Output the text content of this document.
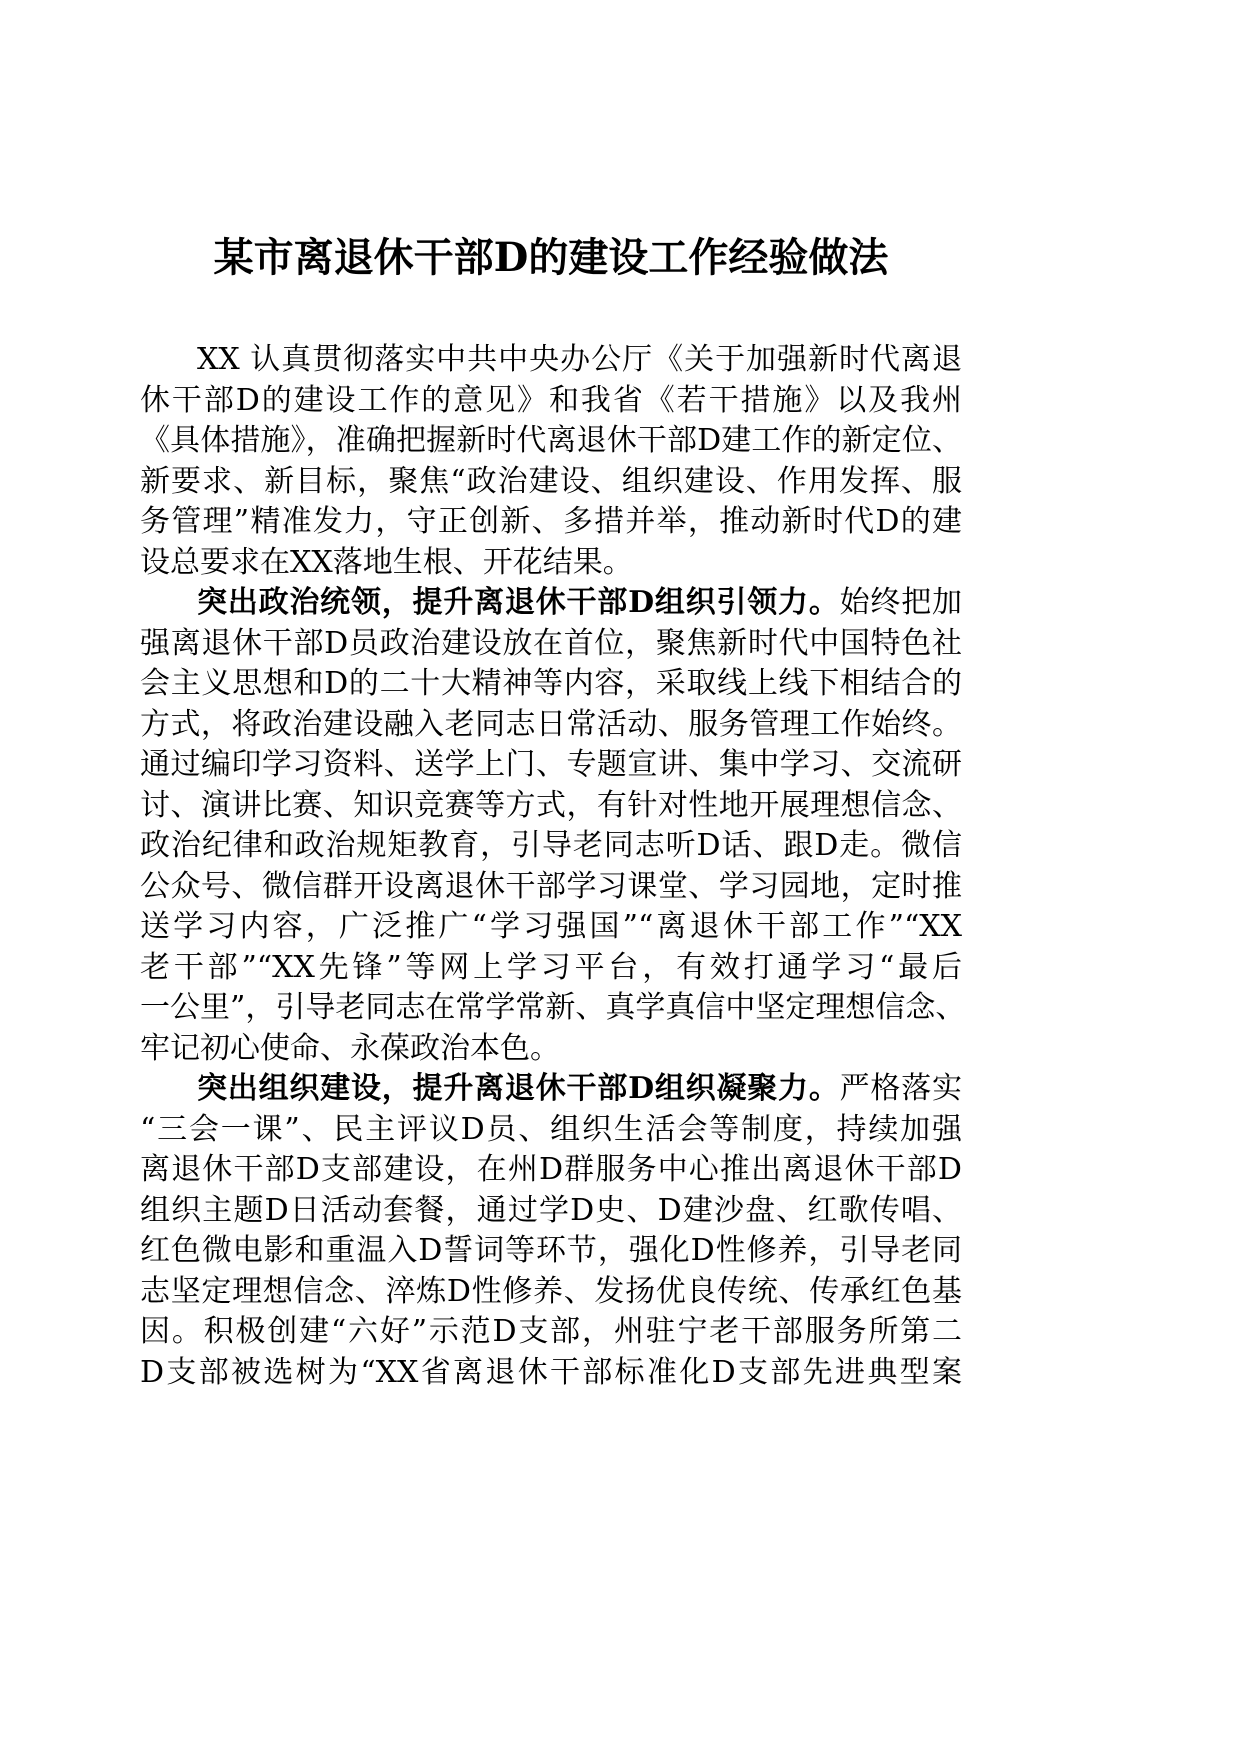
某市离退休干部D的建设工作经验做法
XX 认真贯彻落实中共中央办公厅《关于加强新时代离退
休干部D的建设工作的意见》和我省《若干措施》以及我州
《具体措施》，准确把握新时代离退休干部D建工作的新定位、
新要求、新目标，聚焦“政治建设、组织建设、作用发挥、服
务管理”精准发力，守正创新、多措并举，推动新时代D的建
设总要求在XX落地生根、开花结果。
突出政治统领，提升离退休干部D组织引领力。始终把加
强离退休干部D员政治建设放在首位，聚焦新时代中国特色社
会主义思想和D的二十大精神等内容，采取线上线下相结合的
方式，将政治建设融入老同志日常活动、服务管理工作始终。
通过编印学习资料、送学上门、专题宣讲、集中学习、交流研
讨、演讲比赛、知识竞赛等方式，有针对性地开展理想信念、
政治纪律和政治规矩教育，引导老同志听D话、跟D走。微信
公众号、微信群开设离退休干部学习课堂、学习园地，定时推
送学习内容，广泛推广“学习强国”“离退休干部工作”“XX
老干部”“XX先锋”等网上学习平台，有效打通学习“最后
一公里”，引导老同志在常学常新、真学真信中坚定理想信念、
牢记初心使命、永葆政治本色。
突出组织建设，提升离退休干部D组织凝聚力。严格落实
“三会一课”、民主评议D员、组织生活会等制度，持续加强
离退休干部D支部建设，在州D群服务中心推出离退休干部D
组织主题D日活动套餐，通过学D史、D建沙盘、红歌传唱、
红色微电影和重温入D誓词等环节，强化D性修养，引导老同
志坚定理想信念、淬炼D性修养、发扬优良传统、传承红色基
因。积极创建“六好”示范D支部，州驻宁老干部服务所第二
D支部被选树为“XX省离退休干部标准化D支部先进典型案
